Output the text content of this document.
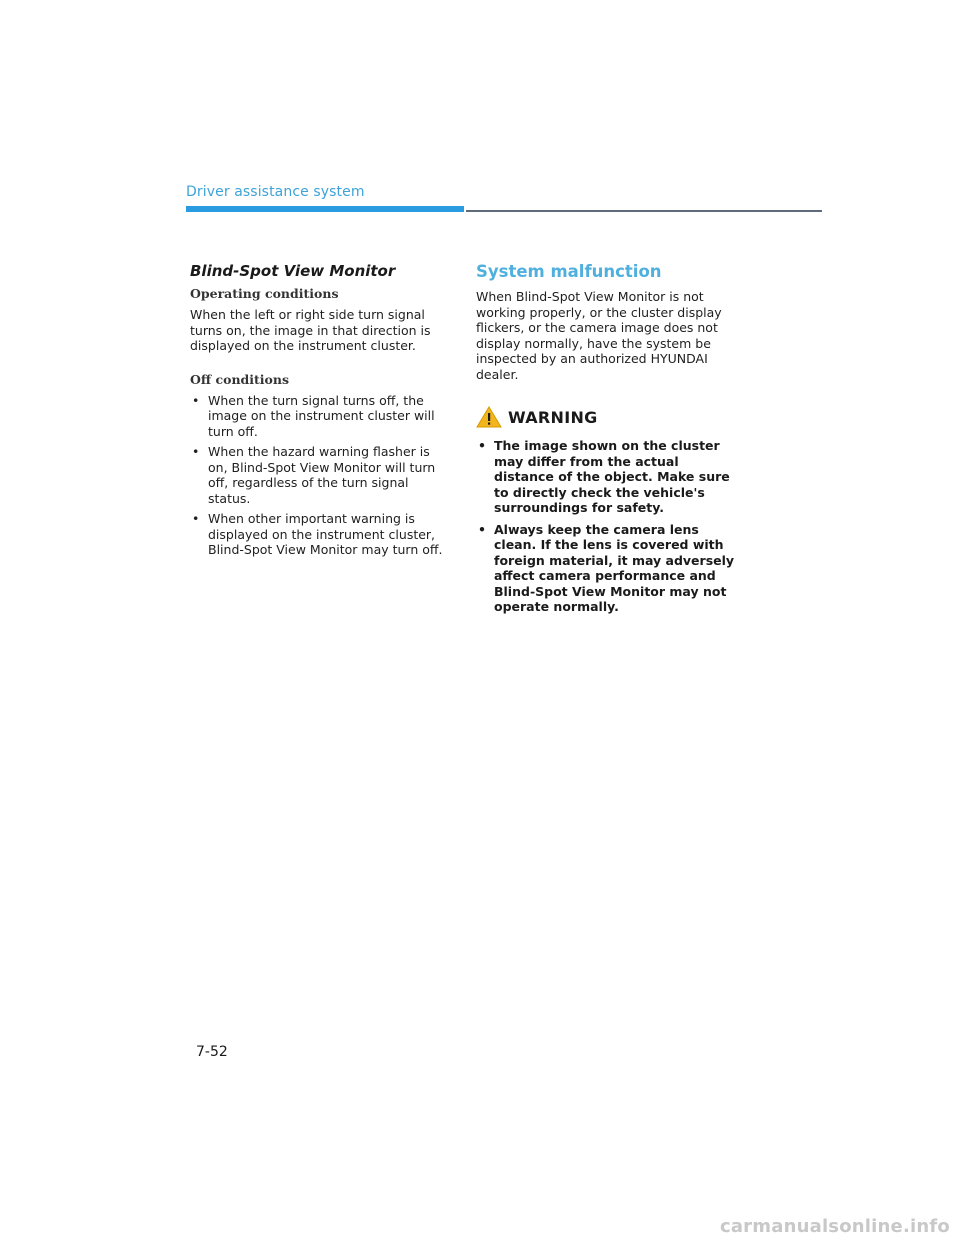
Driver assistance system
Blind-Spot View Monitor
Operating conditions

When the left or right side turn signal turns on, the image in that direction is displayed on the instrument cluster.

Off conditions
• When the turn signal turns off, the image on the instrument cluster will turn off.
• When the hazard warning flasher is on, Blind-Spot View Monitor will turn off, regardless of the turn signal status.
• When other important warning is displayed on the instrument cluster, Blind-Spot View Monitor may turn off.
System malfunction

When Blind-Spot View Monitor is not working properly, or the cluster display flickers, or the camera image does not display normally, have the system be inspected by an authorized HYUNDAI dealer.

WARNING
• The image shown on the cluster may differ from the actual distance of the object. Make sure to directly check the vehicle's surroundings for safety.
• Always keep the camera lens clean. If the lens is covered with foreign material, it may adversely affect camera performance and Blind-Spot View Monitor may not operate normally.
7-52
carmanualsonline.info
